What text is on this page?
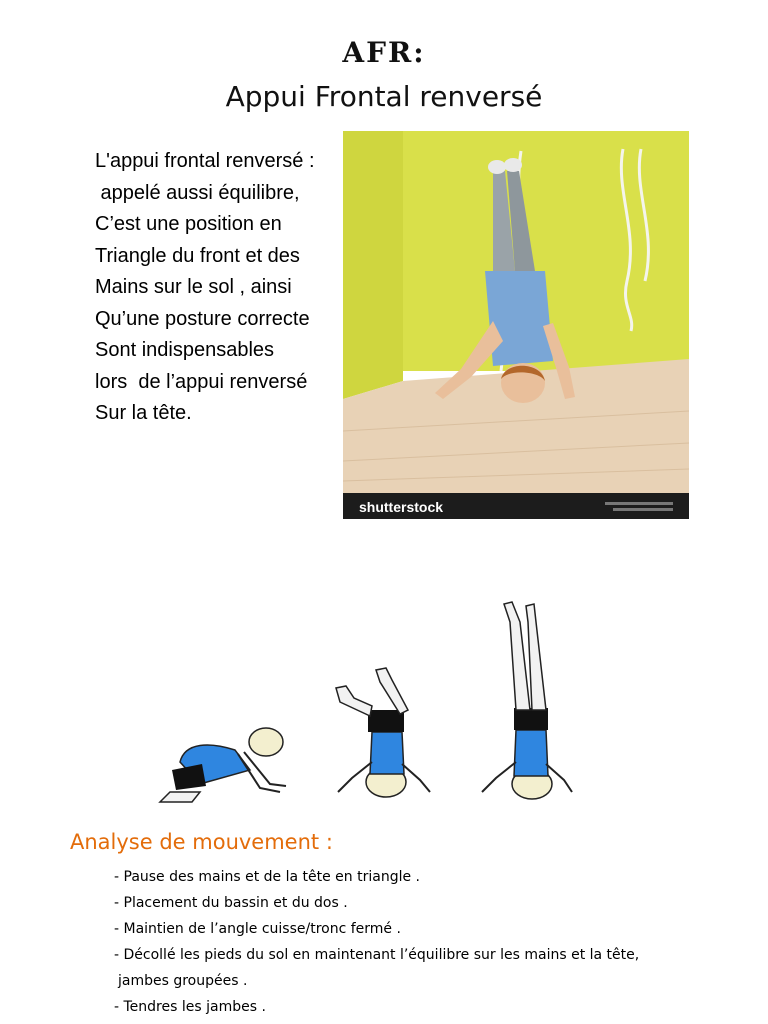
AFR:
Appui Frontal renversé
L'appui frontal renversé :
appelé aussi équilibre,
C’est une position en
Triangle du front et des
Mains sur le sol , ainsi
Qu’une posture correcte
Sont indispensables
lors  de l’appui renversé
Sur la tête.
shutterstock
Analyse de mouvement :
- Pause des mains et de la tête en triangle .
- Placement du bassin et du dos .
- Maintien de l’angle cuisse/tronc fermé .
- Décollé les pieds du sol en maintenant l’équilibre sur les mains et la tête,
jambes groupées .
- Tendres les jambes .
